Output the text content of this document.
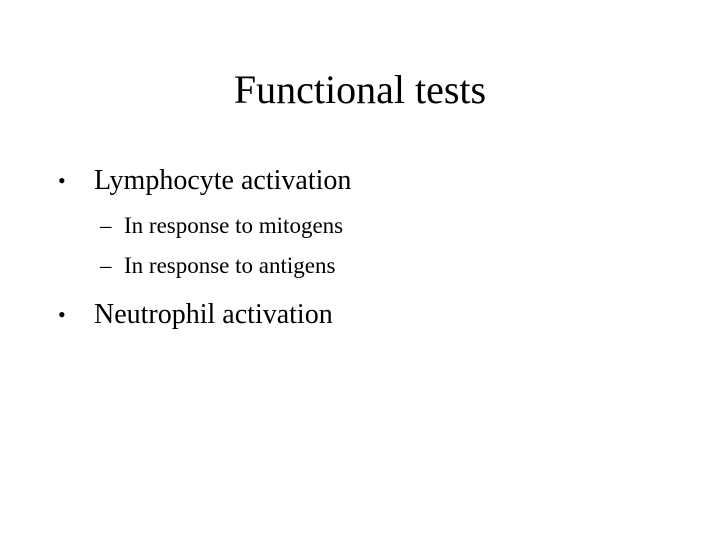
Functional tests
•	Lymphocyte activation
– In response to mitogens
– In response to antigens
•	Neutrophil activation
